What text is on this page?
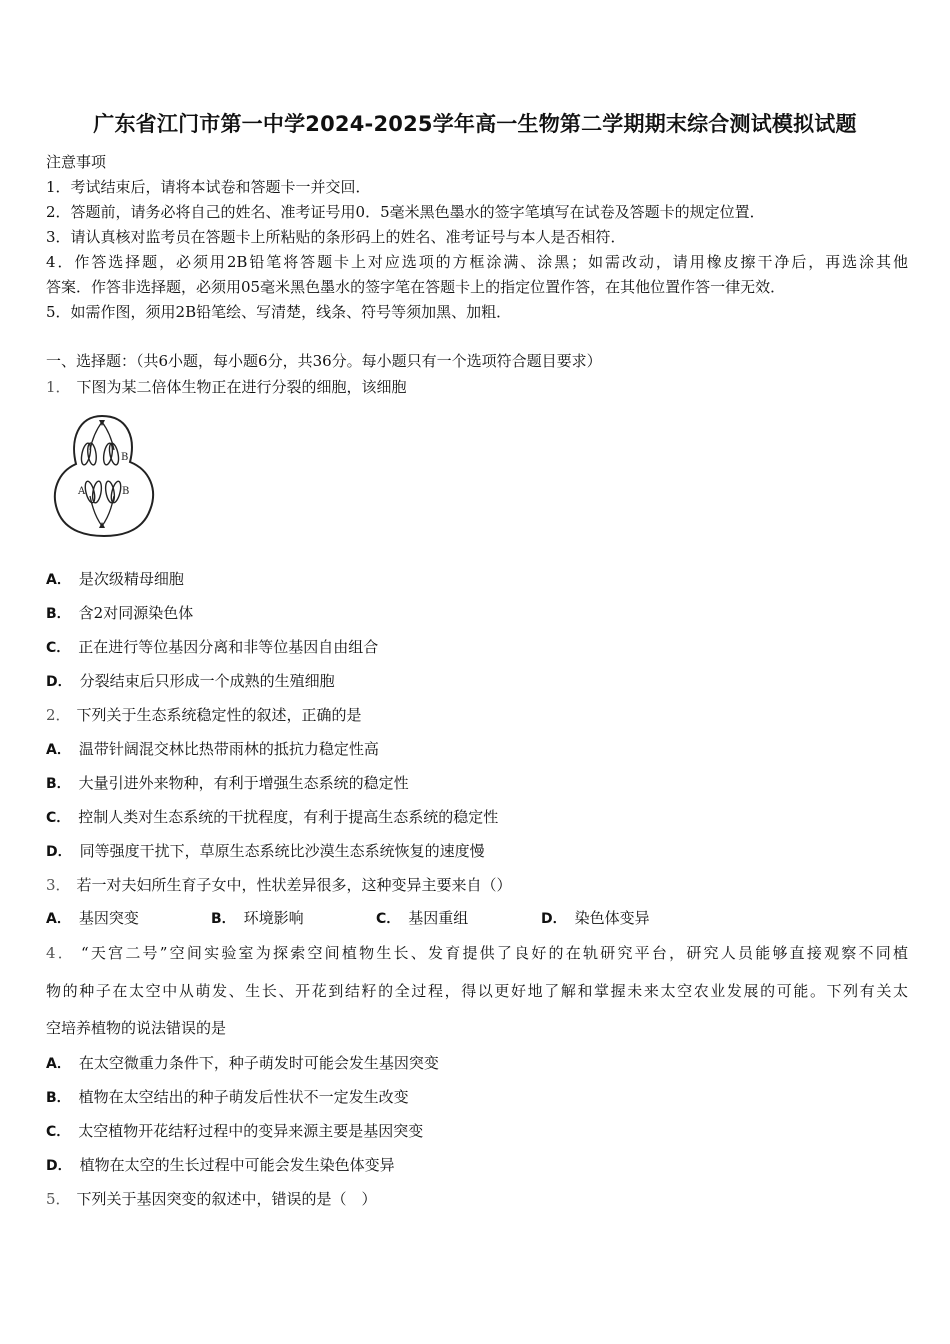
广东省江门市第一中学2024-2025学年高一生物第二学期期末综合测试模拟试题
注意事项
1．考试结束后，请将本试卷和答题卡一并交回．
2．答题前，请务必将自己的姓名、准考证号用0．5毫米黑色墨水的签字笔填写在试卷及答题卡的规定位置．
3．请认真核对监考员在答题卡上所粘贴的条形码上的姓名、准考证号与本人是否相符．
4．作答选择题，必须用2B铅笔将答题卡上对应选项的方框涂满、涂黑；如需改动，请用橡皮擦干净后，再选涂其他
答案．作答非选择题，必须用05毫米黑色墨水的签字笔在答题卡上的指定位置作答，在其他位置作答一律无效．
5．如需作图，须用2B铅笔绘、写清楚，线条、符号等须加黑、加粗．
一、选择题：（共6小题，每小题6分，共36分。每小题只有一个选项符合题目要求）
1． 下图为某二倍体生物正在进行分裂的细胞，该细胞
B
A	B
A． 是次级精母细胞
B． 含2对同源染色体
C． 正在进行等位基因分离和非等位基因自由组合
D． 分裂结束后只形成一个成熟的生殖细胞
2． 下列关于生态系统稳定性的叙述，正确的是
A． 温带针阔混交林比热带雨林的抵抗力稳定性高
B． 大量引进外来物种，有利于增强生态系统的稳定性
C． 控制人类对生态系统的干扰程度，有利于提高生态系统的稳定性
D． 同等强度干扰下，草原生态系统比沙漠生态系统恢复的速度慢
3． 若一对夫妇所生育子女中，性状差异很多，这种变异主要来自（）
A． 基因突变	B． 环境影响	C． 基因重组	D． 染色体变异
4． “天宫二号”空间实验室为探索空间植物生长、发育提供了良好的在轨研究平台，研究人员能够直接观察不同植
物的种子在太空中从萌发、生长、开花到结籽的全过程，得以更好地了解和掌握未来太空农业发展的可能。下列有关太
空培养植物的说法错误的是
A． 在太空微重力条件下，种子萌发时可能会发生基因突变
B． 植物在太空结出的种子萌发后性状不一定发生改变
C． 太空植物开花结籽过程中的变异来源主要是基因突变
D． 植物在太空的生长过程中可能会发生染色体变异
5． 下列关于基因突变的叙述中，错误的是（　）
